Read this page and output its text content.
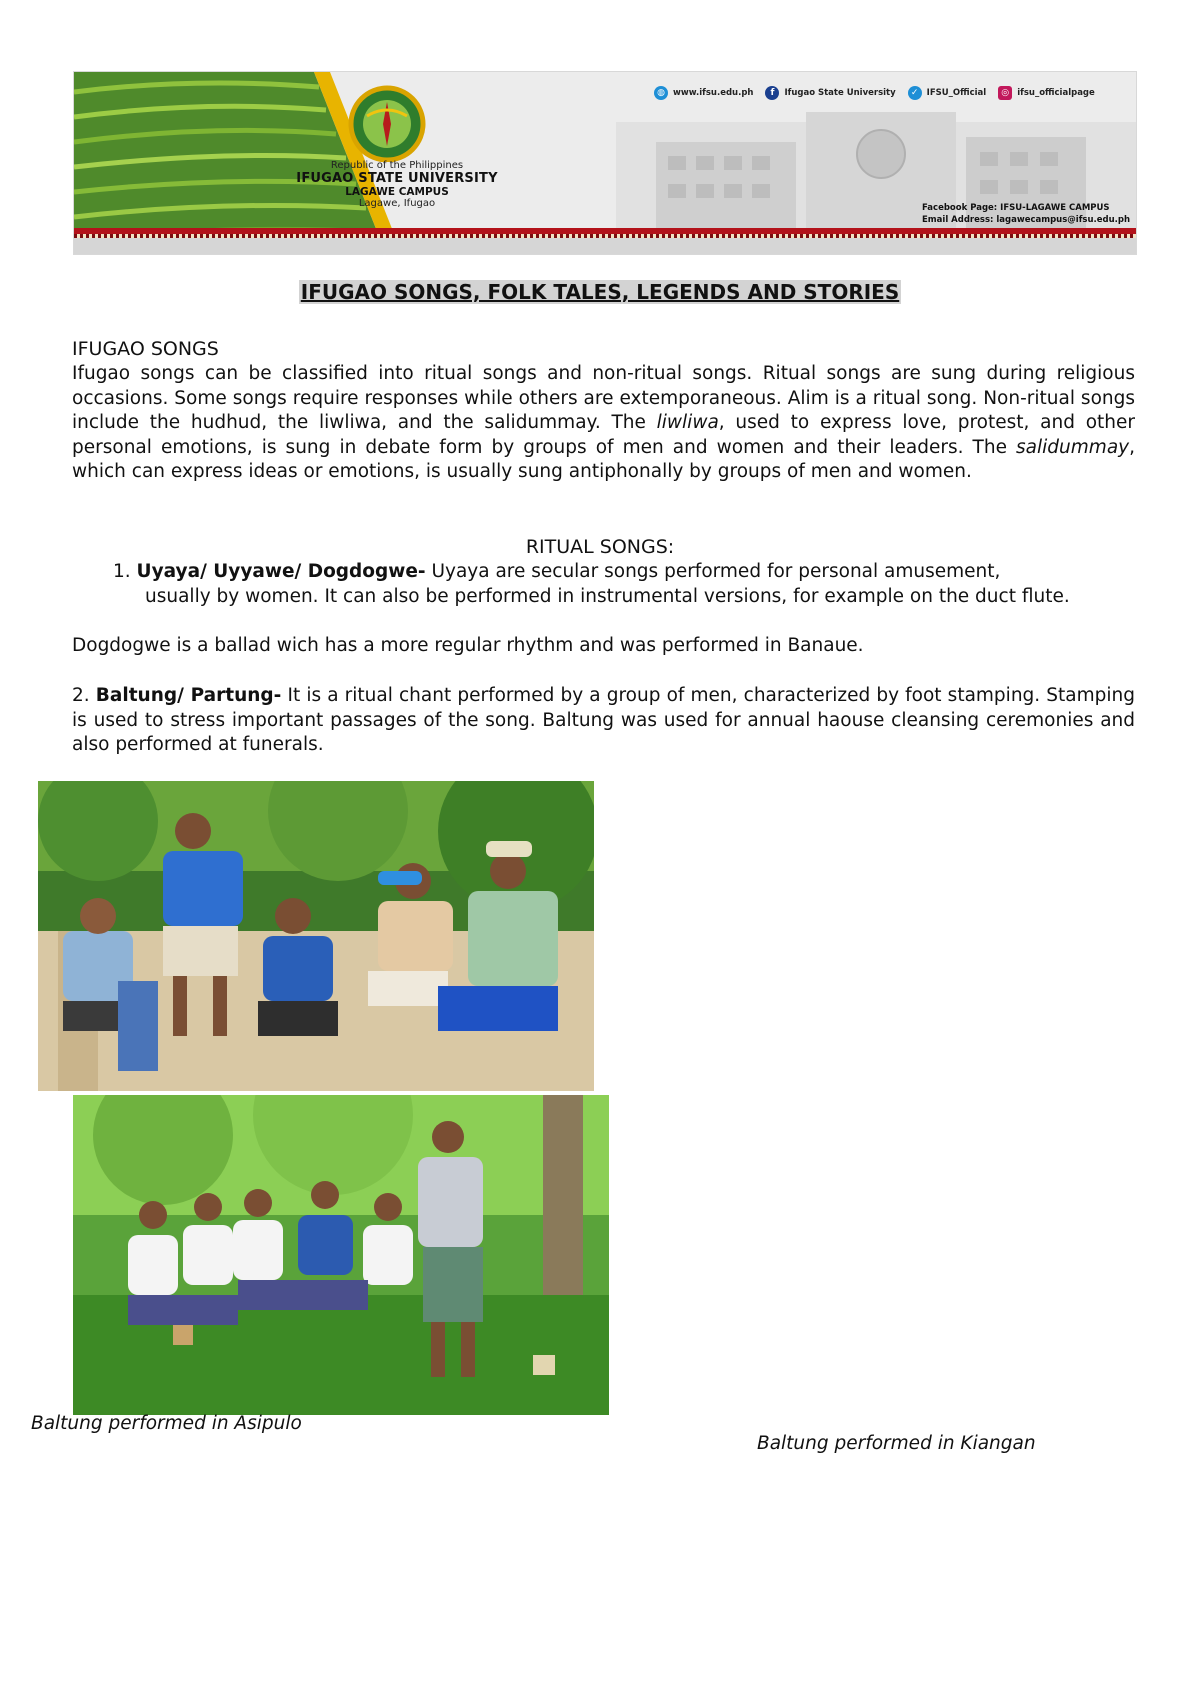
Republic of the Philippines
IFUGAO STATE UNIVERSITY
LAGAWE CAMPUS
Lagawe, Ifugao
◍ www.ifsu.edu.ph	f	Ifugao State University	✓ IFSU_Official	◎ ifsu_officialpage
Facebook Page: IFSU-LAGAWE CAMPUS
Email Address: lagawecampus@ifsu.edu.ph
IFUGAO SONGS, FOLK TALES, LEGENDS AND STORIES
IFUGAO SONGS
Ifugao songs can be classified into ritual songs and non-ritual songs. Ritual songs are sung during religious occasions. Some songs require responses while others are extemporaneous. Alim is a ritual song. Non-ritual songs include the hudhud, the liwliwa, and the salidummay. The liwliwa, used to express love, protest, and other personal emotions, is sung in debate form by groups of men and women and their leaders. The salidummay, which can express ideas or emotions, is usually sung antiphonally by groups of men and women.
RITUAL SONGS:
1. Uyaya/ Uyyawe/ Dogdogwe- Uyaya are secular songs performed for personal amusement,
usually by women. It can also be performed in instrumental versions, for example on the duct flute.
Dogdogwe is a ballad wich has a more regular rhythm and was performed in Banaue.
2. Baltung/ Partung- It is a ritual chant performed by a group of men, characterized by foot stamping. Stamping is used to stress important passages of the song. Baltung was used for annual haouse cleansing ceremonies and also performed at funerals.
Baltung performed in Asipulo
Baltung performed in Kiangan
